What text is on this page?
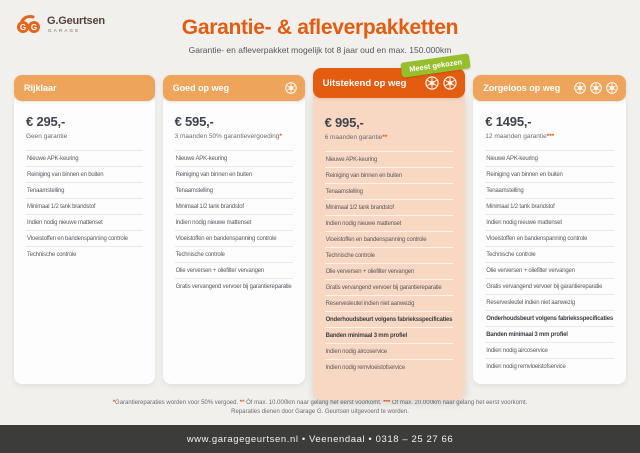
G G
G.Geurtsen
GARAGE	Garantie- & afleverpakketten
Garantie- en afleverpakket mogelijk tot 8 jaar oud en max. 150.000km
Rijklaar
€ 295,-
Geen garantie
Nieuwe APK-keuring
Reiniging van binnen en buiten
Tenaamstelling
Minimaal 1/2 tank brandstof
Indien nodig nieuwe mattenset
Vloeistoffen en bandenspanning controle
Technische controle
Goed op weg
€ 595,-
3 maanden 50% garantievergoeding*
Nieuwe APK-keuring
Reiniging van binnen en buiten
Tenaamstelling
Minimaal 1/2 tank brandstof
Indien nodig nieuwe mattenset
Vloeistoffen en bandenspanning controle
Technische controle
Olie verversen + oliefilter vervangen
Gratis vervangend vervoer bij garantiereparatie
Meest gekozen
Uitstekend op weg
€ 995,-
6 maanden garantie**
Nieuwe APK-keuring
Reiniging van binnen en buiten
Tenaamstelling
Minimaal 1/2 tank brandstof
Indien nodig nieuwe mattenset
Vloeistoffen en bandenspanning controle
Technische controle
Olie verversen + oliefilter vervangen
Gratis vervangend vervoer bij garantiereparatie
Reservesleutel indien niet aanwezig
Onderhoudsbeurt volgens fabrieksspecificaties
Banden minimaal 3 mm profiel
Indien nodig aircoservice
Indien nodig remvloeistofservice
Zorgeloos op weg
€ 1495,-
12 maanden garantie***
Nieuwe APK-keuring
Reiniging van binnen en buiten
Tenaamstelling
Minimaal 1/2 tank brandstof
Indien nodig nieuwe mattenset
Vloeistoffen en bandenspanning controle
Technische controle
Olie verversen + oliefilter vervangen
Gratis vervangend vervoer bij garantiereparatie
Reservesleutel indien niet aanwezig
Onderhoudsbeurt volgens fabrieksspecificaties
Banden minimaal 3 mm profiel
Indien nodig aircoservice
Indien nodig remvloeistofservice
*Garantiereparaties worden voor 50% vergoed. ** Óf max. 10.000km naar gelang het eerst voorkomt. *** Óf max. 20.000km naar gelang het eerst voorkomt.
Reparaties dienen door Garage G. Geurtsen uitgevoerd te worden.
www.garagegeurtsen.nl • Veenendaal • 0318 – 25 27 66
